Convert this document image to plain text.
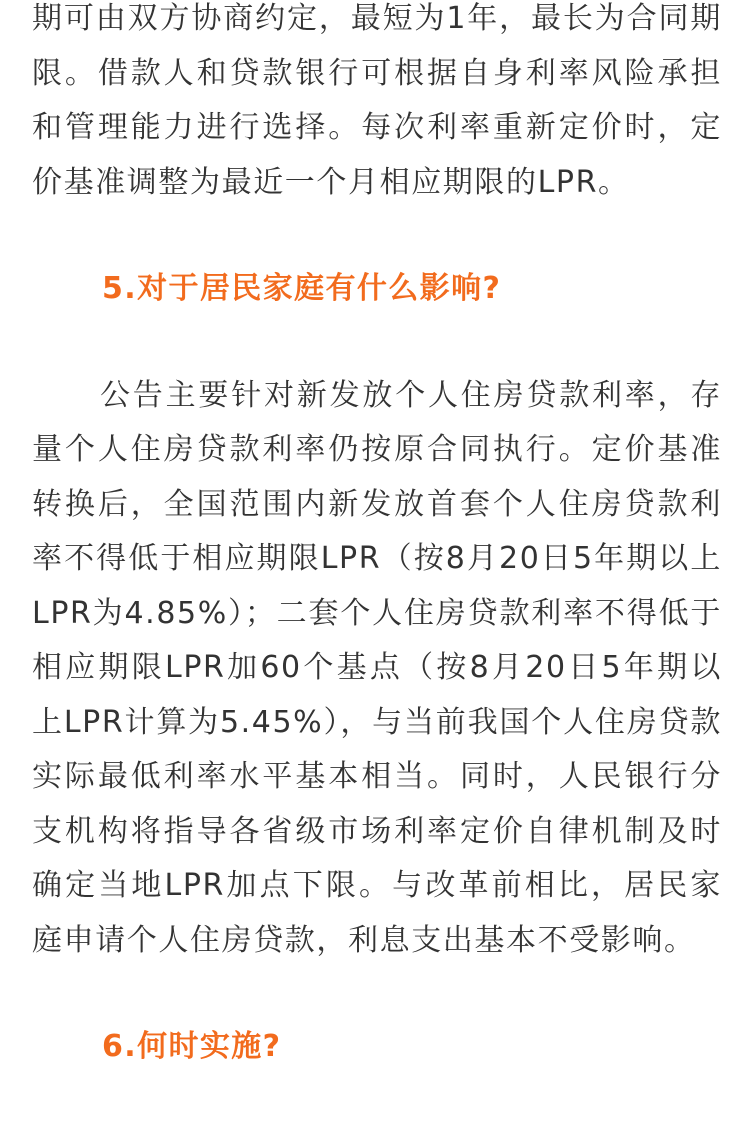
期可由双方协商约定，最短为1年，最长为合同期限。借款人和贷款银行可根据自身利率风险承担和管理能力进行选择。每次利率重新定价时，定价基准调整为最近一个月相应期限的LPR。

5.对于居民家庭有什么影响?

公告主要针对新发放个人住房贷款利率，存量个人住房贷款利率仍按原合同执行。定价基准转换后，全国范围内新发放首套个人住房贷款利率不得低于相应期限LPR（按8月20日5年期以上LPR为4.85%）；二套个人住房贷款利率不得低于相应期限LPR加60个基点（按8月20日5年期以上LPR计算为5.45%），与当前我国个人住房贷款实际最低利率水平基本相当。同时，人民银行分支机构将指导各省级市场利率定价自律机制及时确定当地LPR加点下限。与改革前相比，居民家庭申请个人住房贷款，利息支出基本不受影响。

6.何时实施?
